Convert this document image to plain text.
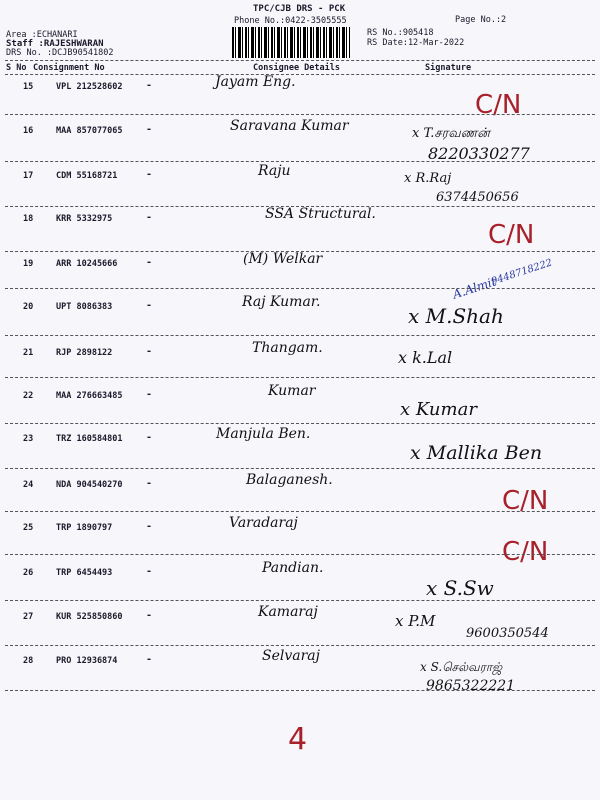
TPC/CJB DRS - PCK
Phone No.:0422-3505555	Page No.:2
RS No.:905418
RS Date:12-Mar-2022
Area :ECHANARI
Staff :RAJESHWARAN
DRS No. :DCJB90541802
S No Consignment No	Consignee Details	Signature
15	VPL 212528602 -	Jayam Eng.
C/N
16	MAA 857077065 -	Saravana Kumar	x T.சரவணன்
8220330277
17	CDM 55168721	-	Raju	x R.Raj
6374450656
18	KRR 5332975	-	SSA Structural.
C/N
19	ARR 10245666	-	(M) Welkar
A.Almit
9448718222
20	UPT 8086383	-	Raj Kumar.
x M.Shah
21	RJP 2898122	-	Thangam.	x k.Lal
22	MAA 276663485 -	Kumar
x Kumar
23	TRZ 160584801 -	Manjula Ben.
x Mallika Ben
24	NDA 904540270 -	Balaganesh.
C/N
25	TRP 1890797	-	Varadaraj
C/N
26	TRP 6454493	-	Pandian.
x S.Sw
27	KUR 525850860 -	Kamaraj	x P.M
9600350544
28	PRO 12936874	-	Selvaraj
x S.செல்வராஜ்
9865322221
4
